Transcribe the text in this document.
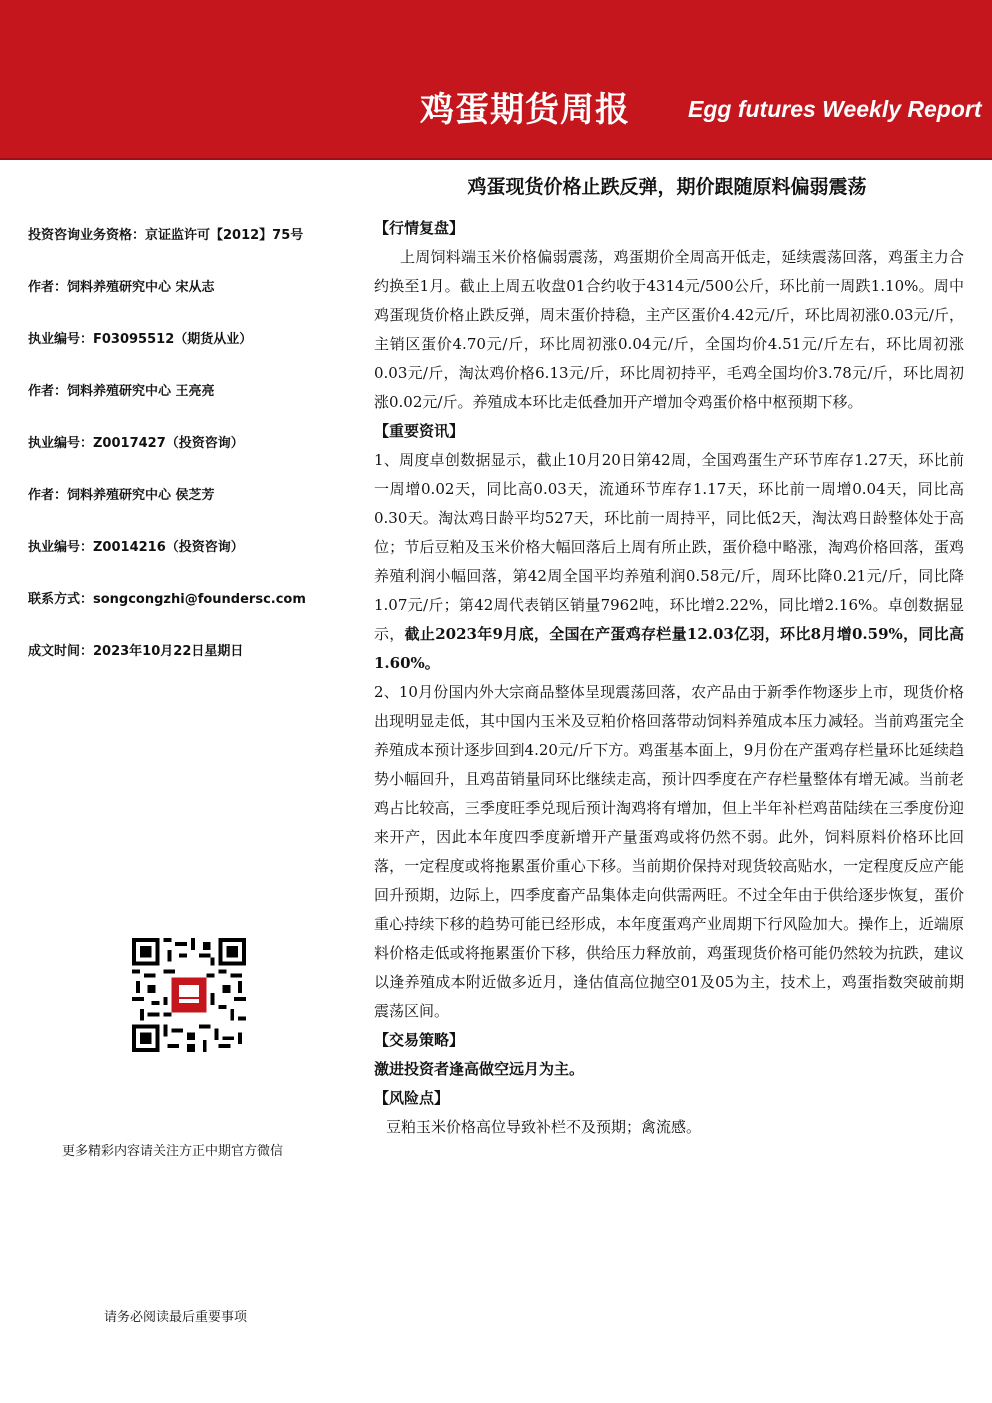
鸡蛋期货周报	Egg futures Weekly Report
鸡蛋现货价格止跌反弹，期价跟随原料偏弱震荡
投资咨询业务资格：京证监许可【2012】75号
作者：饲料养殖研究中心 宋从志
执业编号：F03095512（期货从业）
作者：饲料养殖研究中心 王亮亮
执业编号：Z0017427（投资咨询）
作者：饲料养殖研究中心 侯芝芳
执业编号：Z0014216（投资咨询）
联系方式：songcongzhi@foundersc.com
成文时间：2023年10月22日星期日
更多精彩内容请关注方正中期官方微信
请务必阅读最后重要事项
【行情复盘】

上周饲料端玉米价格偏弱震荡，鸡蛋期价全周高开低走，延续震荡回落，鸡蛋主力合约换至1月。截止上周五收盘01合约收于4314元/500公斤，环比前一周跌1.10%。周中鸡蛋现货价格止跌反弹，周末蛋价持稳，主产区蛋价4.42元/斤，环比周初涨0.03元/斤，主销区蛋价4.70元/斤，环比周初涨0.04元/斤，全国均价4.51元/斤左右，环比周初涨0.03元/斤，淘汰鸡价格6.13元/斤，环比周初持平，毛鸡全国均价3.78元/斤，环比周初涨0.02元/斤。养殖成本环比走低叠加开产增加令鸡蛋价格中枢预期下移。

【重要资讯】

1、周度卓创数据显示，截止10月20日第42周，全国鸡蛋生产环节库存1.27天，环比前一周增0.02天，同比高0.03天，流通环节库存1.17天，环比前一周增0.04天，同比高0.30天。淘汰鸡日龄平均527天，环比前一周持平，同比低2天，淘汰鸡日龄整体处于高位；节后豆粕及玉米价格大幅回落后上周有所止跌，蛋价稳中略涨，淘鸡价格回落，蛋鸡养殖利润小幅回落，第42周全国平均养殖利润0.58元/斤，周环比降0.21元/斤，同比降1.07元/斤；第42周代表销区销量7962吨，环比增2.22%，同比增2.16%。卓创数据显示，截止2023年9月底，全国在产蛋鸡存栏量12.03亿羽，环比8月增0.59%，同比高1.60%。

2、10月份国内外大宗商品整体呈现震荡回落，农产品由于新季作物逐步上市，现货价格出现明显走低，其中国内玉米及豆粕价格回落带动饲料养殖成本压力减轻。当前鸡蛋完全养殖成本预计逐步回到4.20元/斤下方。鸡蛋基本面上，9月份在产蛋鸡存栏量环比延续趋势小幅回升，且鸡苗销量同环比继续走高，预计四季度在产存栏量整体有增无减。当前老鸡占比较高，三季度旺季兑现后预计淘鸡将有增加，但上半年补栏鸡苗陆续在三季度份迎来开产，因此本年度四季度新增开产量蛋鸡或将仍然不弱。此外，饲料原料价格环比回落，一定程度或将拖累蛋价重心下移。当前期价保持对现货较高贴水，一定程度反应产能回升预期，边际上，四季度畜产品集体走向供需两旺。不过全年由于供给逐步恢复，蛋价重心持续下移的趋势可能已经形成，本年度蛋鸡产业周期下行风险加大。操作上，近端原料价格走低或将拖累蛋价下移，供给压力释放前，鸡蛋现货价格可能仍然较为抗跌，建议以逢养殖成本附近做多近月，逢估值高位抛空01及05为主，技术上，鸡蛋指数突破前期震荡区间。

【交易策略】

激进投资者逢高做空远月为主。

【风险点】

豆粕玉米价格高位导致补栏不及预期；禽流感。
